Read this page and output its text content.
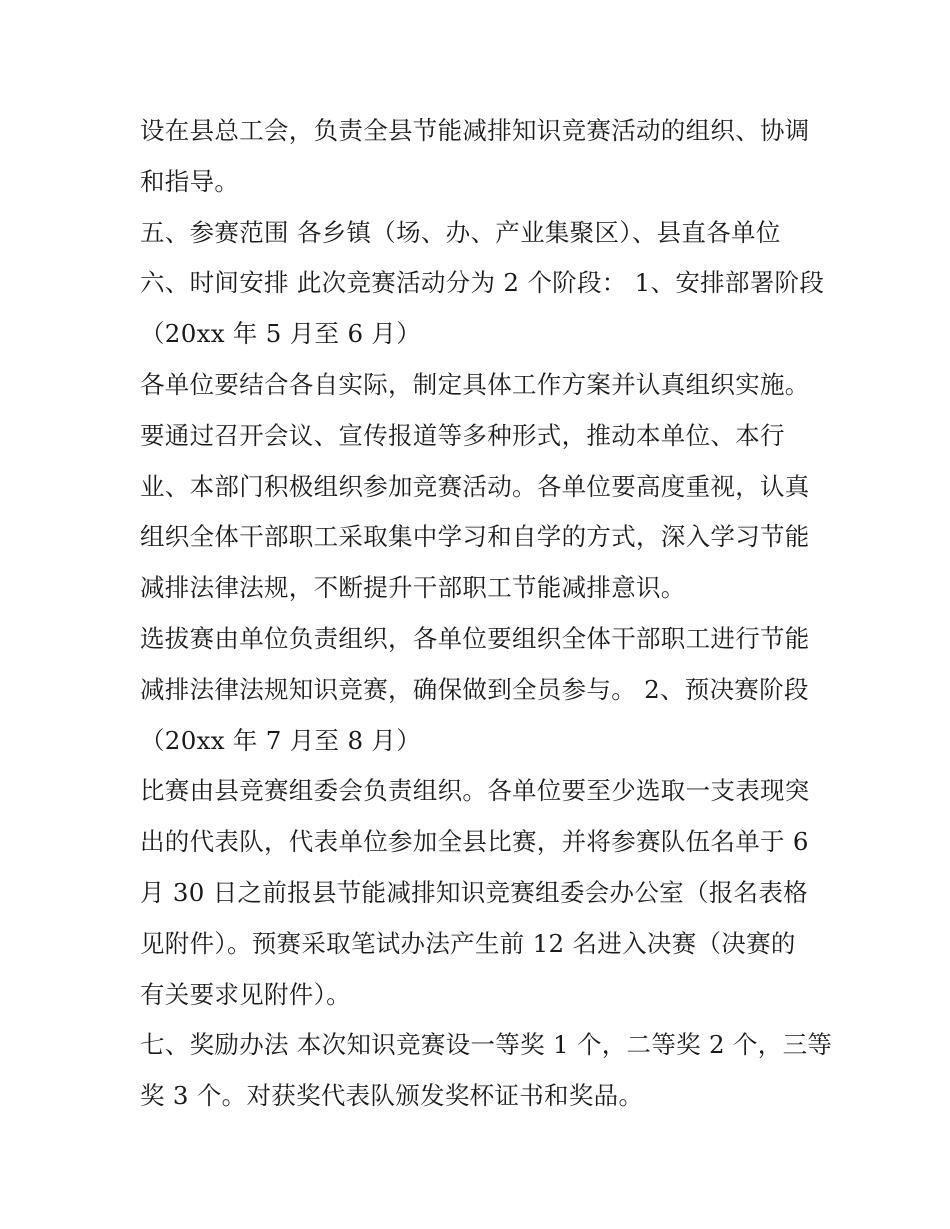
设在县总工会，负责全县节能减排知识竞赛活动的组织、协调
和指导。
五、参赛范围 各乡镇（场、办、产业集聚区）、县直各单位
六、时间安排 此次竞赛活动分为 2 个阶段： 1、安排部署阶段
（20xx 年 5 月至 6 月）
各单位要结合各自实际，制定具体工作方案并认真组织实施。
要通过召开会议、宣传报道等多种形式，推动本单位、本行
业、本部门积极组织参加竞赛活动。各单位要高度重视，认真
组织全体干部职工采取集中学习和自学的方式，深入学习节能
减排法律法规，不断提升干部职工节能减排意识。
选拔赛由单位负责组织，各单位要组织全体干部职工进行节能
减排法律法规知识竞赛，确保做到全员参与。 2、预决赛阶段
（20xx 年 7 月至 8 月）
比赛由县竞赛组委会负责组织。各单位要至少选取一支表现突
出的代表队，代表单位参加全县比赛，并将参赛队伍名单于 6
月 30 日之前报县节能减排知识竞赛组委会办公室（报名表格
见附件）。预赛采取笔试办法产生前 12 名进入决赛（决赛的
有关要求见附件）。
七、奖励办法 本次知识竞赛设一等奖 1 个，二等奖 2 个，三等
奖 3 个。对获奖代表队颁发奖杯证书和奖品。
